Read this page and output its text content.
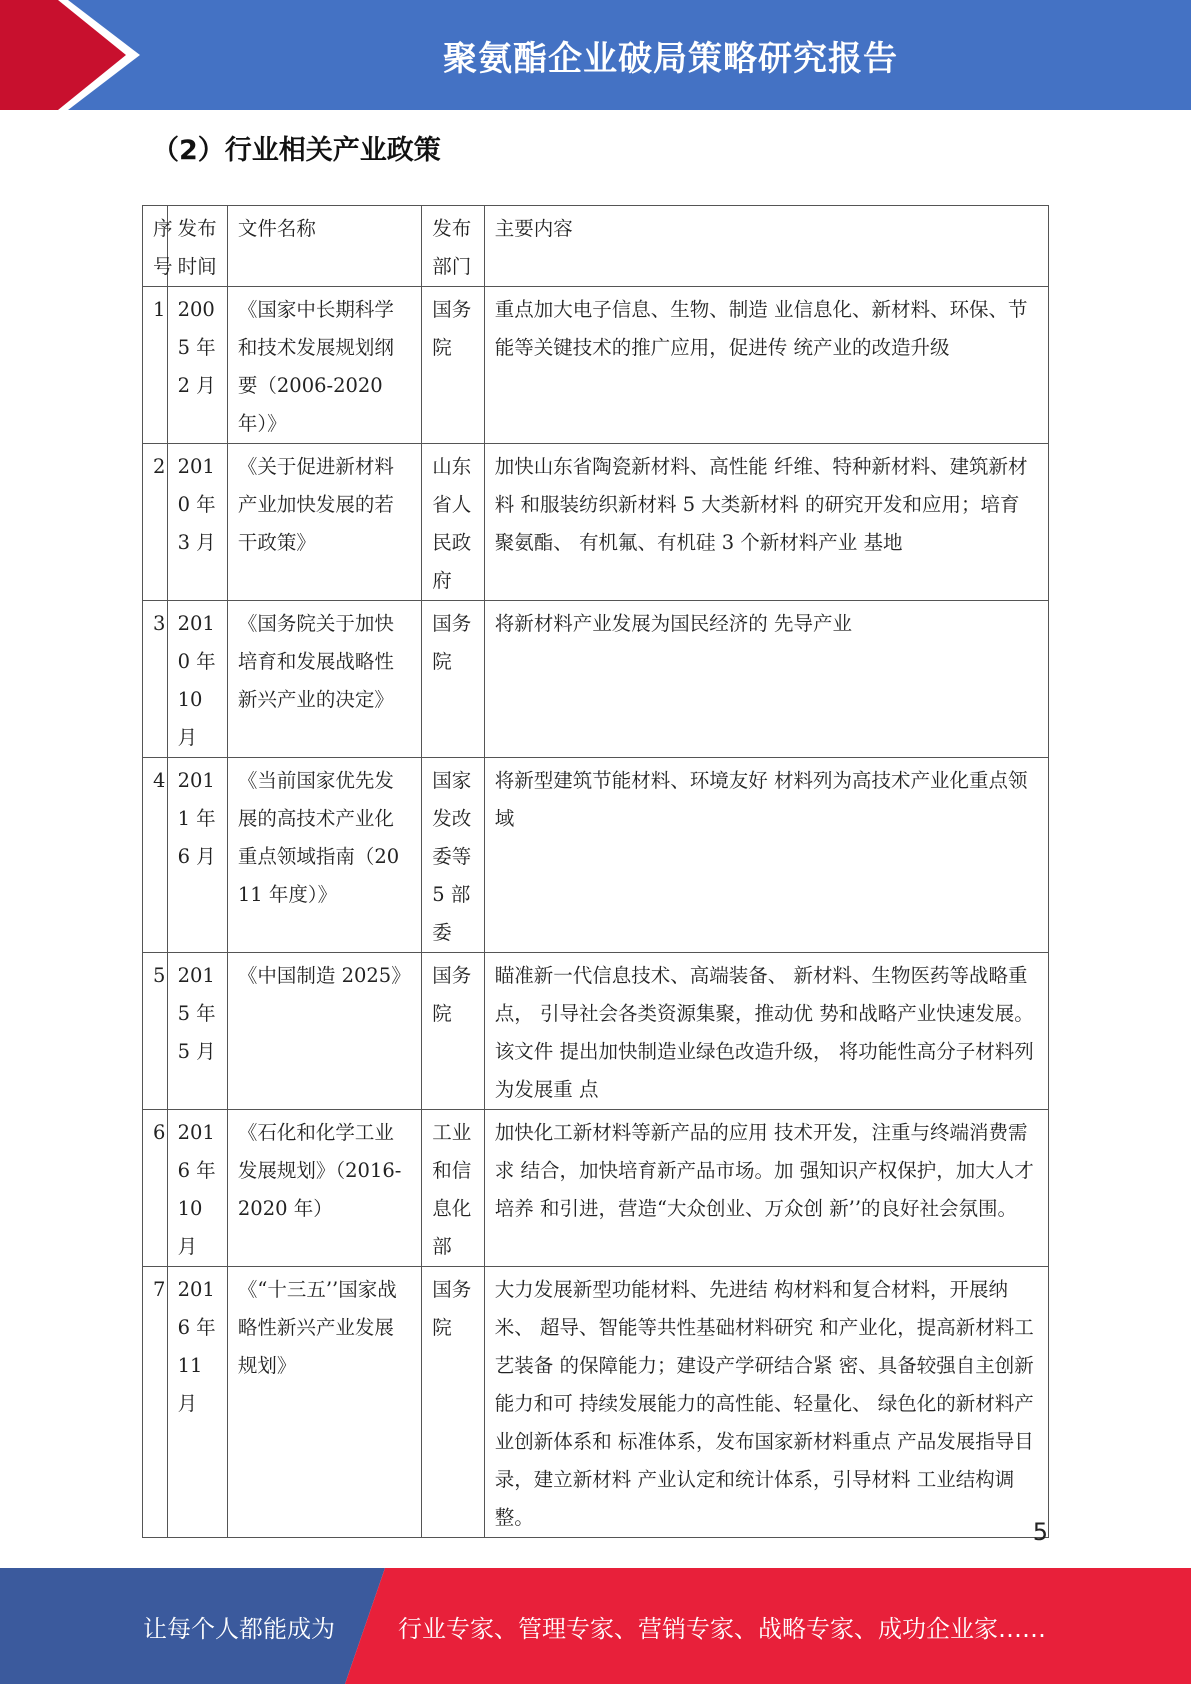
聚氨酯企业破局策略研究报告
（2）行业相关产业政策
序号	发布时间	文件名称	发布部门	主要内容
1	2005 年 2 月	《国家中长期科学和技术发展规划纲要（2006-2020 年）》	国务院	重点加大电子信息、生物、制造 业信息化、新材料、环保、节能等关键技术的推广应用，促进传 统产业的改造升级
2	2010 年 3 月	《关于促进新材料产业加快发展的若干政策》	山东省人民政府	加快山东省陶瓷新材料、高性能 纤维、特种新材料、建筑新材料 和服装纺织新材料 5 大类新材料 的研究开发和应用；培育聚氨酯、 有机氟、有机硅 3 个新材料产业 基地
3	2010 年 10 月	《国务院关于加快培育和发展战略性新兴产业的决定》	国务院	将新材料产业发展为国民经济的 先导产业
4	2011 年 6 月	《当前国家优先发展的高技术产业化重点领域指南（2011 年度）》	国家发改委等 5 部委	将新型建筑节能材料、环境友好 材料列为高技术产业化重点领域
5	2015 年 5 月	《中国制造 2025》	国务院	瞄准新一代信息技术、高端装备、 新材料、生物医药等战略重点， 引导社会各类资源集聚，推动优 势和战略产业快速发展。该文件 提出加快制造业绿色改造升级， 将功能性高分子材料列为发展重 点
6	2016 年 10 月	《石化和化学工业发展规划》（2016-2020 年）	工业和信息化部	加快化工新材料等新产品的应用 技术开发，注重与终端消费需求 结合，加快培育新产品市场。加 强知识产权保护，加大人才培养 和引进，营造“大众创业、万众创 新’’的良好社会氛围。
7	2016 年 11 月	《“十三五’’国家战 略性新兴产业发展 规划》	国务院	大力发展新型功能材料、先进结 构材料和复合材料，开展纳米、 超导、智能等共性基础材料研究 和产业化，提高新材料工艺装备 的保障能力；建设产学研结合紧 密、具备较强自主创新能力和可 持续发展能力的高性能、轻量化、 绿色化的新材料产业创新体系和 标准体系，发布国家新材料重点 产品发展指导目录，建立新材料 产业认定和统计体系，引导材料 工业结构调整。
5
让每个人都能成为	行业专家、管理专家、营销专家、战略专家、成功企业家……
